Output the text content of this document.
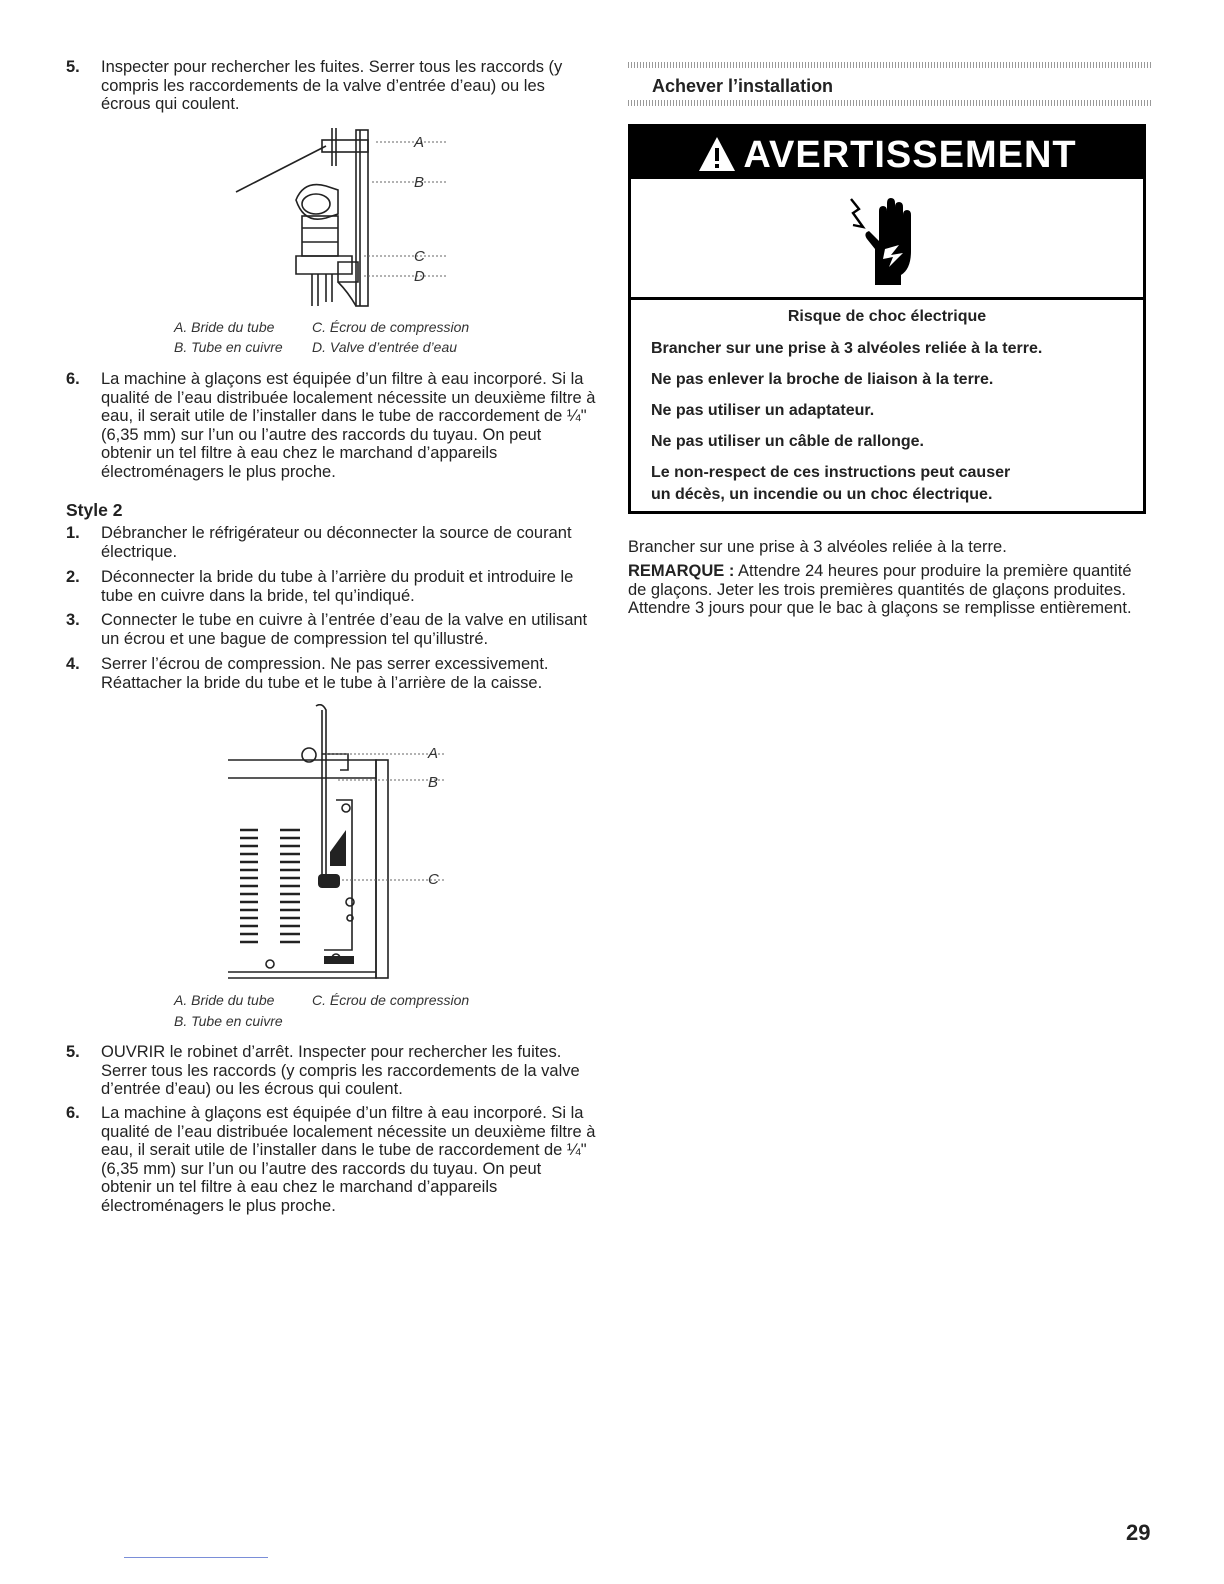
5. Inspecter pour rechercher les fuites. Serrer tous les raccords (y compris les raccordements de la valve d’entrée d’eau) ou les écrous qui coulent.
A
B
C
D
A. Bride du tube
B. Tube en cuivre
C. Écrou de compression
D. Valve d’entrée d’eau
6. La machine à glaçons est équipée d’un filtre à eau incorporé. Si la qualité de l’eau distribuée localement nécessite un deuxième filtre à eau, il serait utile de l’installer dans le tube de raccordement de ¼" (6,35 mm) sur l’un ou l’autre des raccords du tuyau. On peut obtenir un tel filtre à eau chez le marchand d’appareils électroménagers le plus proche.
Style 2
1. Débrancher le réfrigérateur ou déconnecter la source de courant électrique.
2. Déconnecter la bride du tube à l’arrière du produit et introduire le tube en cuivre dans la bride, tel qu’indiqué.
3. Connecter le tube en cuivre à l’entrée d’eau de la valve en utilisant un écrou et une bague de compression tel qu’illustré.
4. Serrer l’écrou de compression. Ne pas serrer excessivement. Réattacher la bride du tube et le tube à l’arrière de la caisse.
A
B
C
A. Bride du tube
B. Tube en cuivre
C. Écrou de compression
5. OUVRIR le robinet d’arrêt. Inspecter pour rechercher les fuites. Serrer tous les raccords (y compris les raccordements de la valve d’entrée d’eau) ou les écrous qui coulent.
6. La machine à glaçons est équipée d’un filtre à eau incorporé. Si la qualité de l’eau distribuée localement nécessite un deuxième filtre à eau, il serait utile de l’installer dans le tube de raccordement de ¼" (6,35 mm) sur l’un ou l’autre des raccords du tuyau. On peut obtenir un tel filtre à eau chez le marchand d’appareils électroménagers le plus proche.
Achever l’installation
AVERTISSEMENT
Risque de choc électrique
Brancher sur une prise à 3 alvéoles reliée à la terre.
Ne pas enlever la broche de liaison à la terre.
Ne pas utiliser un adaptateur.
Ne pas utiliser un câble de rallonge.
Le non-respect de ces instructions peut causer
un décès, un incendie ou un choc électrique.
Brancher sur une prise à 3 alvéoles reliée à la terre.
REMARQUE : Attendre 24 heures pour produire la première quantité de glaçons. Jeter les trois premières quantités de glaçons produites. Attendre 3 jours pour que le bac à glaçons se remplisse entièrement.
29
